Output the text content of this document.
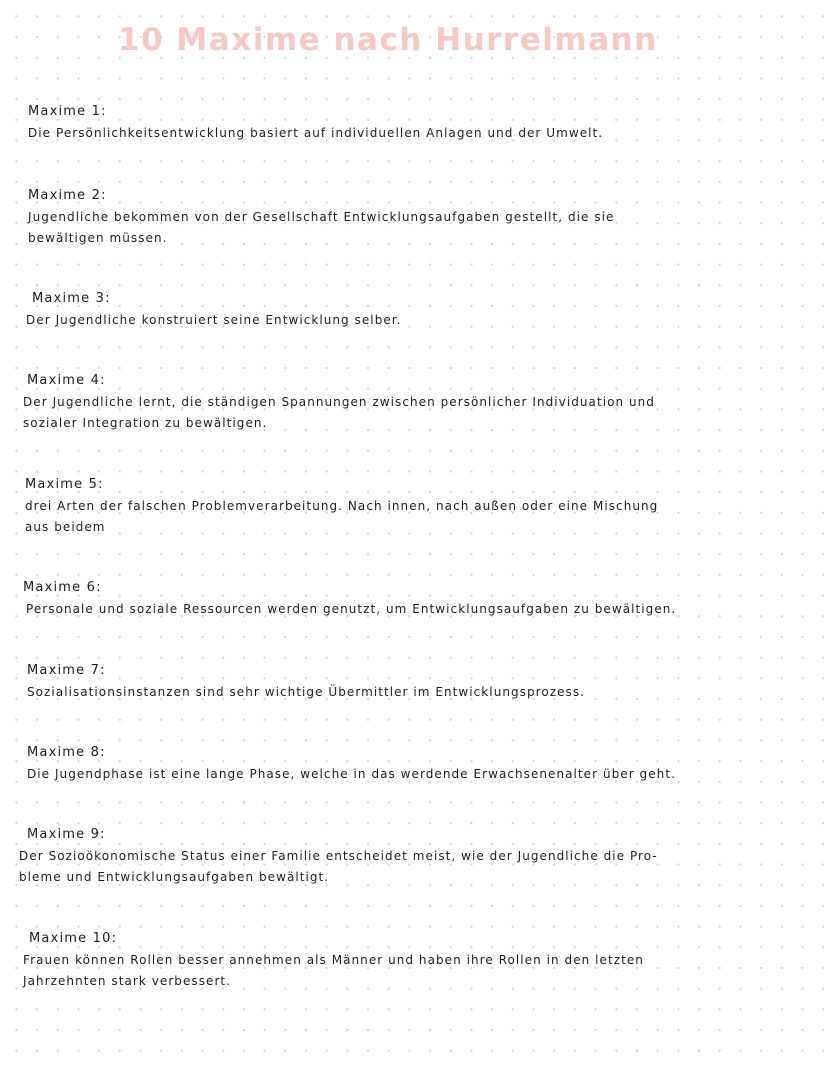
10 Maxime nach Hurrelmann
Maxime 1:
Die Persönlichkeitsentwicklung basiert auf individuellen Anlagen und der Umwelt.
Maxime 2:
Jugendliche bekommen von der Gesellschaft Entwicklungsaufgaben gestellt, die sie
bewältigen müssen.
Maxime 3:
Der Jugendliche konstruiert seine Entwicklung selber.
Maxime 4:
Der Jugendliche lernt, die ständigen Spannungen zwischen persönlicher Individuation und
sozialer Integration zu bewältigen.
Maxime 5:
drei Arten der falschen Problemverarbeitung. Nach innen, nach außen oder eine Mischung
aus beidem
Maxime 6:
Personale und soziale Ressourcen werden genutzt, um Entwicklungsaufgaben zu bewältigen.
Maxime 7:
Sozialisationsinstanzen sind sehr wichtige Übermittler im Entwicklungsprozess.
Maxime 8:
Die Jugendphase ist eine lange Phase, welche in das werdende Erwachsenenalter über geht.
Maxime 9:
Der Sozioökonomische Status einer Familie entscheidet meist, wie der Jugendliche die Pro-
bleme und Entwicklungsaufgaben bewältigt.
Maxime 10:
Frauen können Rollen besser annehmen als Männer und haben ihre Rollen in den letzten
Jahrzehnten stark verbessert.
